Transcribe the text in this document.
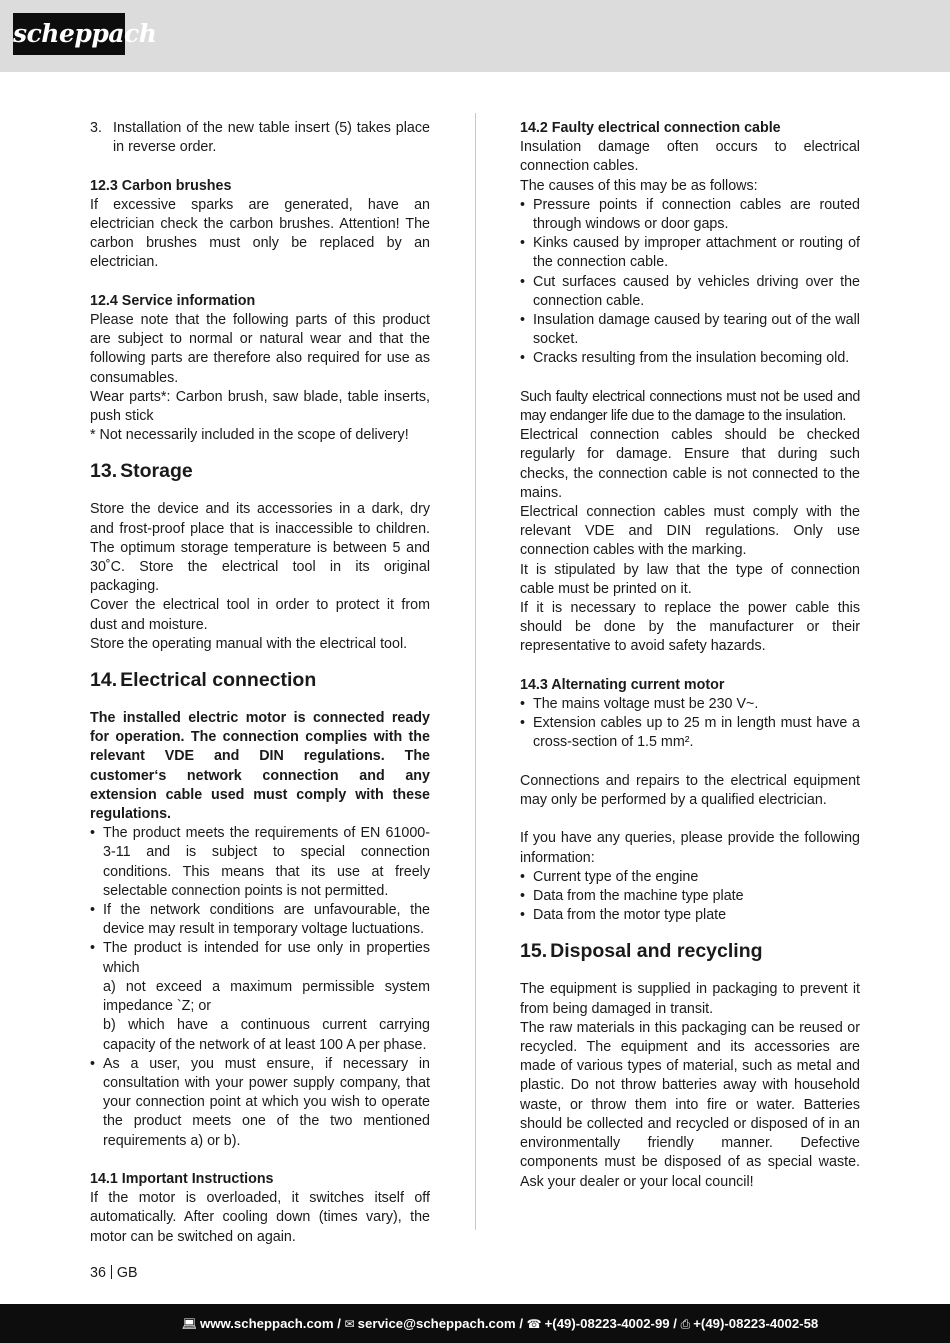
scheppach
3. Installation of the new table insert (5) takes place in reverse order.
12.3 Carbon brushes
If excessive sparks are generated, have an electrician check the carbon brushes. Attention! The carbon brushes must only be replaced by an electrician.
12.4 Service information
Please note that the following parts of this product are subject to normal or natural wear and that the following parts are therefore also required for use as consumables.
Wear parts*: Carbon brush, saw blade, table inserts, push stick
* Not necessarily included in the scope of delivery!
13. Storage
Store the device and its accessories in a dark, dry and frost-proof place that is inaccessible to children. The optimum storage temperature is between 5 and 30˚C. Store the electrical tool in its original packaging.
Cover the electrical tool in order to protect it from dust and moisture.
Store the operating manual with the electrical tool.
14. Electrical connection
The installed electric motor is connected ready for operation. The connection complies with the relevant VDE and DIN regulations. The customer‘s network connection and any extension cable used must comply with these regulations.
• The product meets the requirements of EN 61000-3-11 and is subject to special connection conditions. This means that its use at freely selectable connection points is not permitted.
• If the network conditions are unfavourable, the device may result in temporary voltage luctuations.
• The product is intended for use only in properties which
a) not exceed a maximum permissible system impedance `Z; or
b) which have a continuous current carrying capacity of the network of at least 100 A per phase.
• As a user, you must ensure, if necessary in consultation with your power supply company, that your connection point at which you wish to operate the product meets one of the two mentioned requirements a) or b).
14.1 Important Instructions
If the motor is overloaded, it switches itself off automatically. After cooling down (times vary), the motor can be switched on again.
14.2 Faulty electrical connection cable
Insulation damage often occurs to electrical connection cables.
The causes of this may be as follows:
• Pressure points if connection cables are routed through windows or door gaps.
• Kinks caused by improper attachment or routing of the connection cable.
• Cut surfaces caused by vehicles driving over the connection cable.
• Insulation damage caused by tearing out of the wall socket.
• Cracks resulting from the insulation becoming old.
Such faulty electrical connections must not be used and may endanger life due to the damage to the insulation.
Electrical connection cables should be checked regularly for damage. Ensure that during such checks, the connection cable is not connected to the mains.
Electrical connection cables must comply with the relevant VDE and DIN regulations. Only use connection cables with the marking.
It is stipulated by law that the type of connection cable must be printed on it.
If it is necessary to replace the power cable this should be done by the manufacturer or their representative to avoid safety hazards.
14.3 Alternating current motor
• The mains voltage must be 230 V~.
• Extension cables up to 25 m in length must have a cross-section of 1.5 mm².
Connections and repairs to the electrical equipment may only be performed by a qualified electrician.
If you have any queries, please provide the following information:
• Current type of the engine
• Data from the machine type plate
• Data from the motor type plate
15. Disposal and recycling
The equipment is supplied in packaging to prevent it from being damaged in transit.
The raw materials in this packaging can be reused or recycled. The equipment and its accessories are made of various types of material, such as metal and plastic. Do not throw batteries away with household waste, or throw them into fire or water. Batteries should be collected and recycled or disposed of in an environmentally friendly manner. Defective components must be disposed of as special waste. Ask your dealer or your local council!
36 GB
💻︎ www.scheppach.com / ✉︎ service@scheppach.com / ☎ +(49)-08223-4002-99 / ⎙ +(49)-08223-4002-58
